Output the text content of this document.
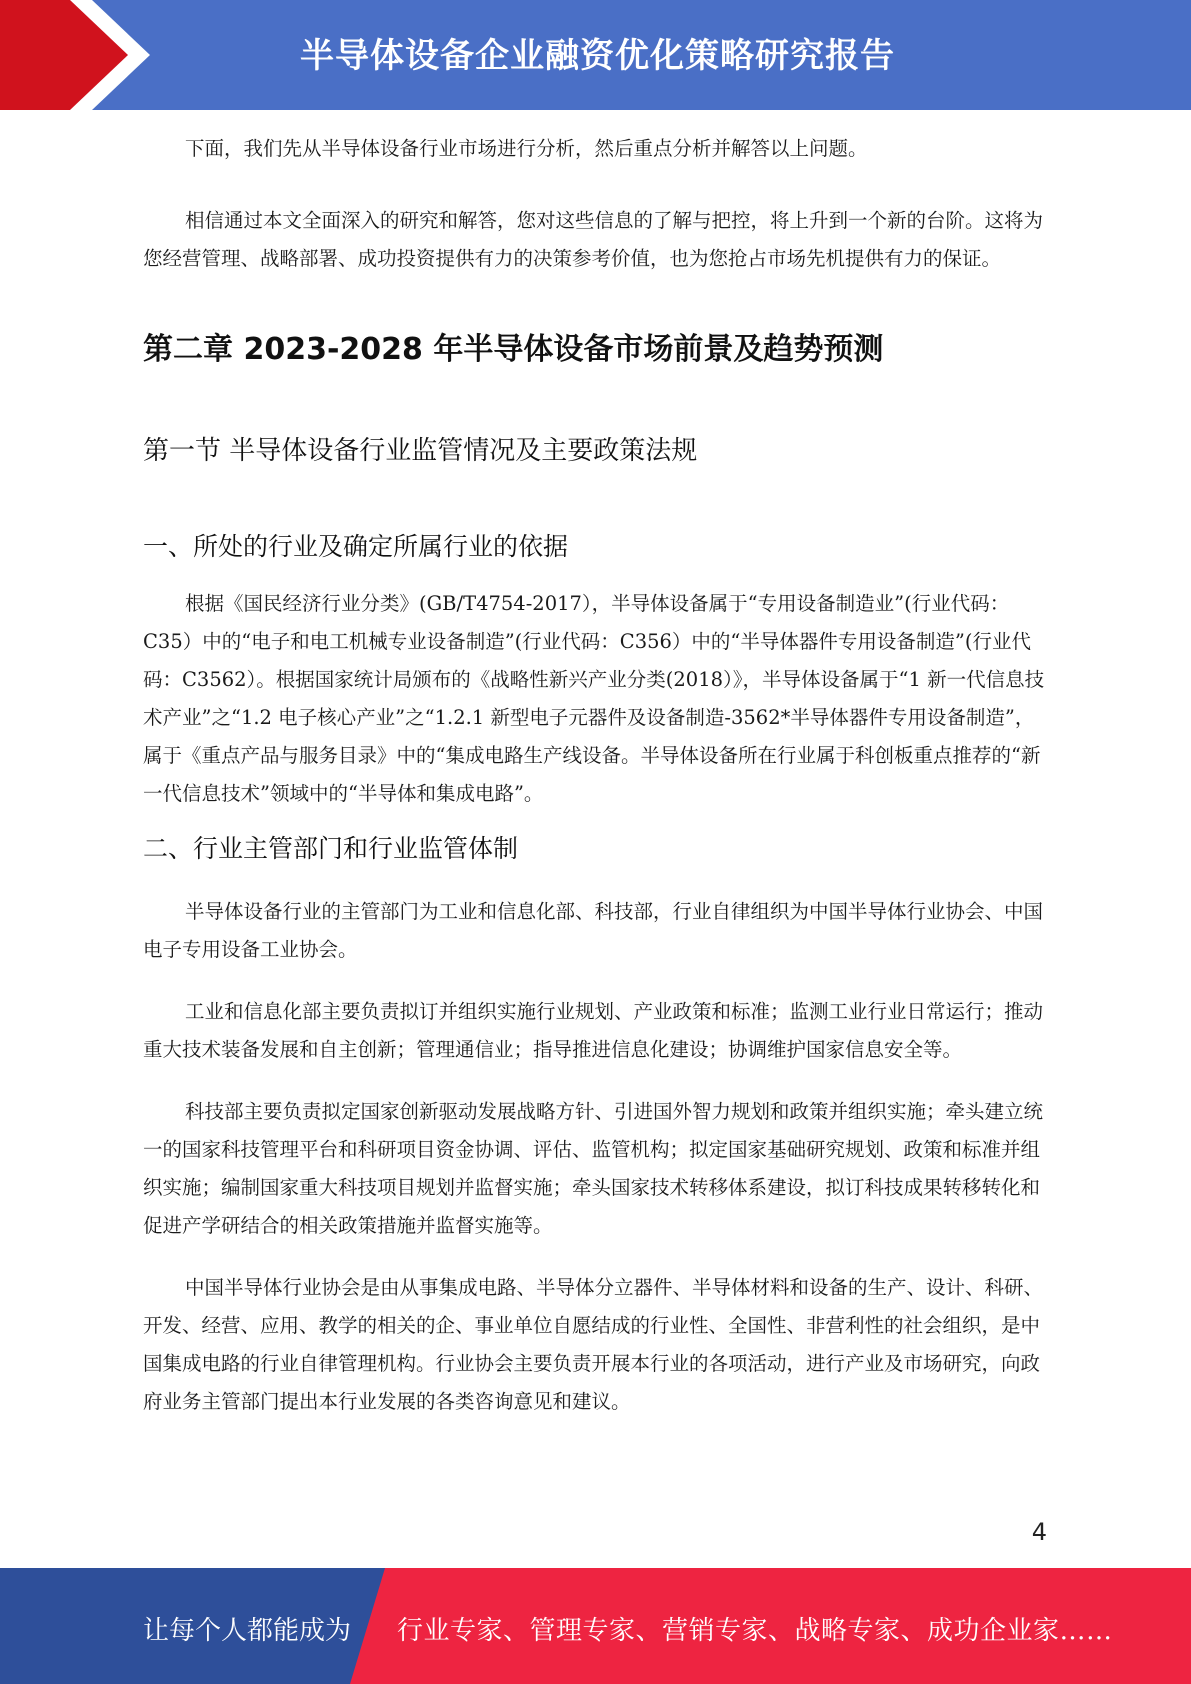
半导体设备企业融资优化策略研究报告

下面，我们先从半导体设备行业市场进行分析，然后重点分析并解答以上问题。

相信通过本文全面深入的研究和解答，您对这些信息的了解与把控，将上升到一个新的台阶。这将为您经营管理、战略部署、成功投资提供有力的决策参考价值，也为您抢占市场先机提供有力的保证。

第二章 2023-2028 年半导体设备市场前景及趋势预测
第一节 半导体设备行业监管情况及主要政策法规
一、所处的行业及确定所属行业的依据

根据《国民经济行业分类》(GB/T4754-2017），半导体设备属于“专用设备制造业”(行业代码：C35）中的“电子和电工机械专业设备制造”(行业代码：C356）中的“半导体器件专用设备制造”(行业代码：C3562）。根据国家统计局颁布的《战略性新兴产业分类(2018）》，半导体设备属于“1 新一代信息技术产业”之“1.2 电子核心产业”之“1.2.1 新型电子元器件及设备制造-3562*半导体器件专用设备制造”，属于《重点产品与服务目录》中的“集成电路生产线设备。半导体设备所在行业属于科创板重点推荐的“新一代信息技术”领域中的“半导体和集成电路”。

二、行业主管部门和行业监管体制

半导体设备行业的主管部门为工业和信息化部、科技部，行业自律组织为中国半导体行业协会、中国电子专用设备工业协会。

工业和信息化部主要负责拟订并组织实施行业规划、产业政策和标准；监测工业行业日常运行；推动重大技术装备发展和自主创新；管理通信业；指导推进信息化建设；协调维护国家信息安全等。

科技部主要负责拟定国家创新驱动发展战略方针、引进国外智力规划和政策并组织实施；牵头建立统一的国家科技管理平台和科研项目资金协调、评估、监管机构；拟定国家基础研究规划、政策和标准并组织实施；编制国家重大科技项目规划并监督实施；牵头国家技术转移体系建设，拟订科技成果转移转化和促进产学研结合的相关政策措施并监督实施等。

中国半导体行业协会是由从事集成电路、半导体分立器件、半导体材料和设备的生产、设计、科研、开发、经营、应用、教学的相关的企、事业单位自愿结成的行业性、全国性、非营利性的社会组织，是中国集成电路的行业自律管理机构。行业协会主要负责开展本行业的各项活动，进行产业及市场研究，向政府业务主管部门提出本行业发展的各类咨询意见和建议。

4
让每个人都能成为 行业专家、管理专家、营销专家、战略专家、成功企业家……
